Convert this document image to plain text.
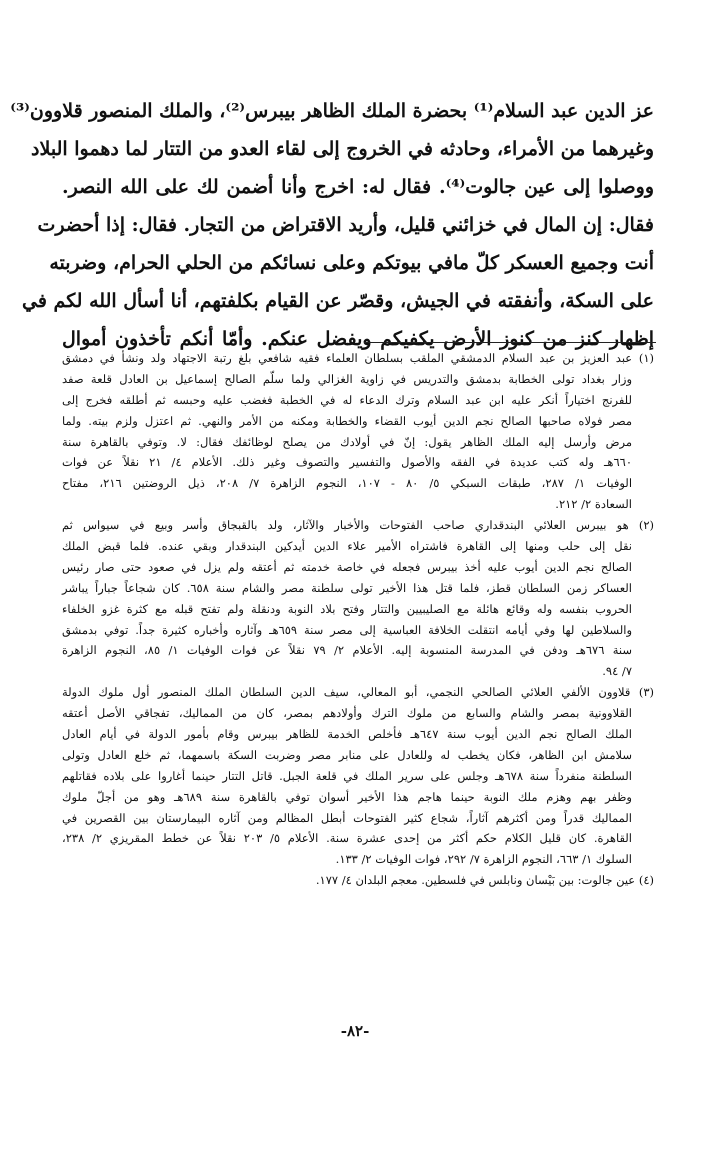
عز الدين عبد السلام⁽¹⁾ بحضرة الملك الظاهر بيبرس⁽²⁾، والملك المنصور قلاوون⁽³⁾
وغيرهما من الأمراء، وحادثه في الخروج إلى لقاء العدو من التتار لما دهموا البلاد
ووصلوا إلى عين جالوت⁽⁴⁾. فقال له: اخرج وأنا أضمن لك على الله النصر.
فقال: إن المال في خزائني قليل، وأريد الاقتراض من التجار. فقال: إذا أحضرت
أنت وجميع العسكر كلّ مافي بيوتكم وعلى نسائكم من الحلي الحرام، وضربته
على السكة، وأنفقته في الجيش، وقصّر عن القيام بكلفتهم، أنا أسأل الله لكم في
إظهار كنز من كنوز الأرض يكفيكم ويفضل عنكم. وأمّا أنكم تأخذون أموال
(١) عبد العزيز بن عبد السلام الدمشقي الملقب بسلطان العلماء فقيه شافعي بلغ رتبة الاجتهاد ولد ونشأ في دمشق
وزار بغداد تولى الخطابة بدمشق والتدريس في زاوية الغزالي ولما سلّم الصالح إسماعيل بن العادل قلعة صفد
للفرنج اختياراً أنكر عليه ابن عبد السلام وترك الدعاء له في الخطبة فغضب عليه وحبسه ثم أطلقه فخرج إلى
مصر فولاه صاحبها الصالح نجم الدين أيوب القضاء والخطابة ومكنه من الأمر والنهي. ثم اعتزل ولزم بيته. ولما
مرض وأرسل إليه الملك الظاهر يقول: إنّ في أولادك من يصلح لوظائفك فقال: لا. وتوفي بالقاهرة سنة
٦٦٠هـ وله كتب عديدة في الفقه والأصول والتفسير والتصوف وغير ذلك. الأعلام ٤/ ٢١ نقلاً عن فوات
الوفيات ١/ ٢٨٧، طبقات السبكي ٥/ ٨٠ - ١٠٧، النجوم الزاهرة ٧/ ٢٠٨، ذيل الروضتين ٢١٦، مفتاح
السعادة ٢/ ٢١٢.
(٢) هو بيبرس العلائي البندقداري صاحب الفتوحات والأخبار والآثار، ولد بالقبجاق وأسر وبيع في سيواس ثم
نقل إلى حلب ومنها إلى القاهرة فاشتراه الأمير علاء الدين أيدكين البندقدار وبقي عنده. فلما قبض الملك
الصالح نجم الدين أيوب عليه أخذ بيبرس فجعله في خاصة خدمته ثم أعتقه ولم يزل في صعود حتى صار رئيس
العساكر زمن السلطان قطز، فلما قتل هذا الأخير تولى سلطنة مصر والشام سنة ٦٥٨. كان شجاعاً جباراً يباشر
الحروب بنفسه وله وقائع هائلة مع الصليبيين والتتار وفتح بلاد النوبة ودنقلة ولم تفتح قبله مع كثرة غزو الخلفاء
والسلاطين لها وفي أيامه انتقلت الخلافة العباسية إلى مصر سنة ٦٥٩هـ وآثاره وأخباره كثيرة جداً. توفي بدمشق
سنة ٦٧٦هـ ودفن في المدرسة المنسوبة إليه. الأعلام ٢/ ٧٩ نقلاً عن فوات الوفيات ١/ ٨٥، النجوم الزاهرة
٧/ ٩٤.
(٣) قلاوون الألفي العلائي الصالحي النجمي، أبو المعالي، سيف الدين السلطان الملك المنصور أول ملوك الدولة
القلاوونية بمصر والشام والسابع من ملوك الترك وأولادهم بمصر، كان من المماليك، تفجاقي الأصل أعتقه
الملك الصالح نجم الدين أيوب سنة ٦٤٧هـ فأخلص الخدمة للظاهر بيبرس وقام بأمور الدولة في أيام العادل
سلامش ابن الظاهر، فكان يخطب له وللعادل على منابر مصر وضربت السكة باسمهما، ثم خلع العادل وتولى
السلطنة منفرداً سنة ٦٧٨هـ وجلس على سرير الملك في قلعة الجبل. قاتل التتار حينما أغاروا على بلاده فقاتلهم
وظفر بهم وهزم ملك النوبة حينما هاجم هذا الأخير أسوان توفي بالقاهرة سنة ٦٨٩هـ وهو من أجلّ ملوك
المماليك قدراً ومن أكثرهم آثاراً، شجاع كثير الفتوحات أبطل المظالم ومن آثاره البيمارستان بين القصرين في
القاهرة. كان قليل الكلام حكم أكثر من إحدى عشرة سنة. الأعلام ٥/ ٢٠٣ نقلاً عن خطط المقريزي ٢/ ٢٣٨،
السلوك ١/ ٦٦٣، النجوم الزاهرة ٧/ ٢٩٢، فوات الوفيات ٢/ ١٣٣.
(٤) عين جالوت: بين بَيْسان ونابلس في فلسطين. معجم البلدان ٤/ ١٧٧.
-٨٢-
